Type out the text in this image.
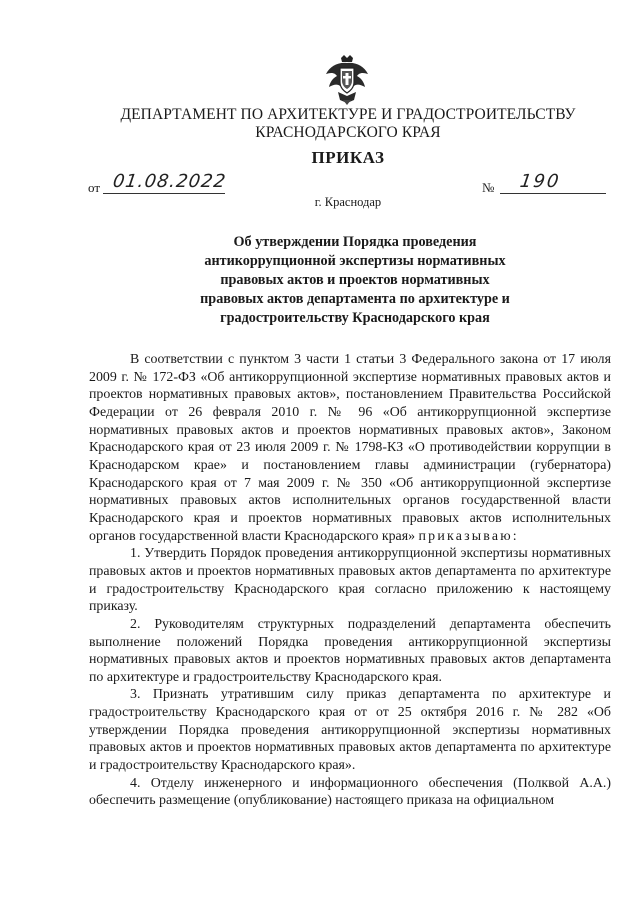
ДЕПАРТАМЕНТ ПО АРХИТЕКТУРЕ И ГРАДОСТРОИТЕЛЬСТВУ
КРАСНОДАРСКОГО КРАЯ
ПРИКАЗ
от 01.08.2022	№ 190
г. Краснодар
Об утверждении Порядка проведения
антикоррупционной экспертизы нормативных
правовых актов и проектов нормативных
правовых актов департамента по архитектуре и
градостроительству Краснодарского края

В соответствии с пунктом 3 части 1 статьи 3 Федерального закона от 17 июля 2009 г. № 172-ФЗ «Об антикоррупционной экспертизе нормативных правовых актов и проектов нормативных правовых актов», постановлением Правительства Российской Федерации от 26 февраля 2010 г. № 96 «Об антикоррупционной экспертизе нормативных правовых актов и проектов нормативных правовых актов», Законом Краснодарского края от 23 июля 2009 г. № 1798-КЗ «О противодействии коррупции в Краснодарском крае» и постановлением главы администрации (губернатора) Краснодарского края от 7 мая 2009 г. № 350 «Об антикоррупционной экспертизе нормативных правовых актов исполнительных органов государственной власти Краснодарского края и проектов нормативных правовых актов исполнительных органов государственной власти Краснодарского края» приказываю:

1. Утвердить Порядок проведения антикоррупционной экспертизы нормативных правовых актов и проектов нормативных правовых актов департамента по архитектуре и градостроительству Краснодарского края согласно приложению к настоящему приказу.

2. Руководителям структурных подразделений департамента обеспечить выполнение положений Порядка проведения антикоррупционной экспертизы нормативных правовых актов и проектов нормативных правовых актов департамента по архитектуре и градостроительству Краснодарского края.

3. Признать утратившим силу приказ департамента по архитектуре и градостроительству Краснодарского края от от 25 октября 2016 г. № 282 «Об утверждении Порядка проведения антикоррупционной экспертизы нормативных правовых актов и проектов нормативных правовых актов департамента по архитектуре и градостроительству Краснодарского края».

4. Отделу инженерного и информационного обеспечения (Полквой А.А.) обеспечить размещение (опубликование) настоящего приказа на официальном
